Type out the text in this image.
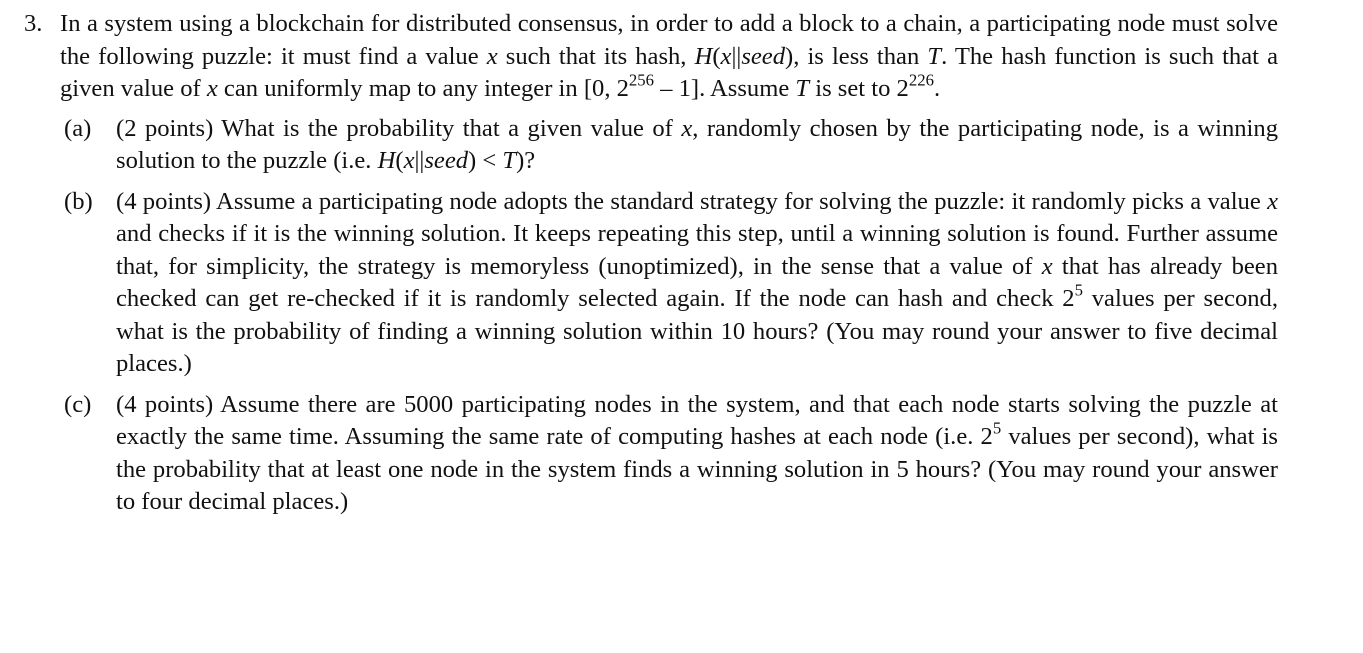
3. In a system using a blockchain for distributed consensus, in order to add a block to a chain, a participating node must solve the following puzzle: it must find a value x such that its hash, H(x||seed), is less than T. The hash function is such that a given value of x can uniformly map to any integer in [0, $2^{256} - 1$]. Assume T is set to $2^{226}$.
(a)	(2 points) What is the probability that a given value of x, randomly chosen by the participating node, is a winning solution to the puzzle (i.e. H(x||seed) < T)?
(b) (4 points) Assume a participating node adopts the standard strategy for solving the puzzle: it randomly picks a value x and checks if it is the winning solution. It keeps repeating this step, until a winning solution is found. Further assume that, for simplicity, the strategy is memoryless (unoptimized), in the sense that a value of x that has already been checked can get re-checked if it is randomly selected again. If the node can hash and check $2^5$ values per second, what is the probability of finding a winning solution within 10 hours? (You may round your answer to five decimal places.)
(c)	(4 points) Assume there are 5000 participating nodes in the system, and that each node starts solving the puzzle at exactly the same time. Assuming the same rate of computing hashes at each node (i.e. $2^5$ values per second), what is the probability that at least one node in the system finds a winning solution in 5 hours? (You may round your answer to four decimal places.)
